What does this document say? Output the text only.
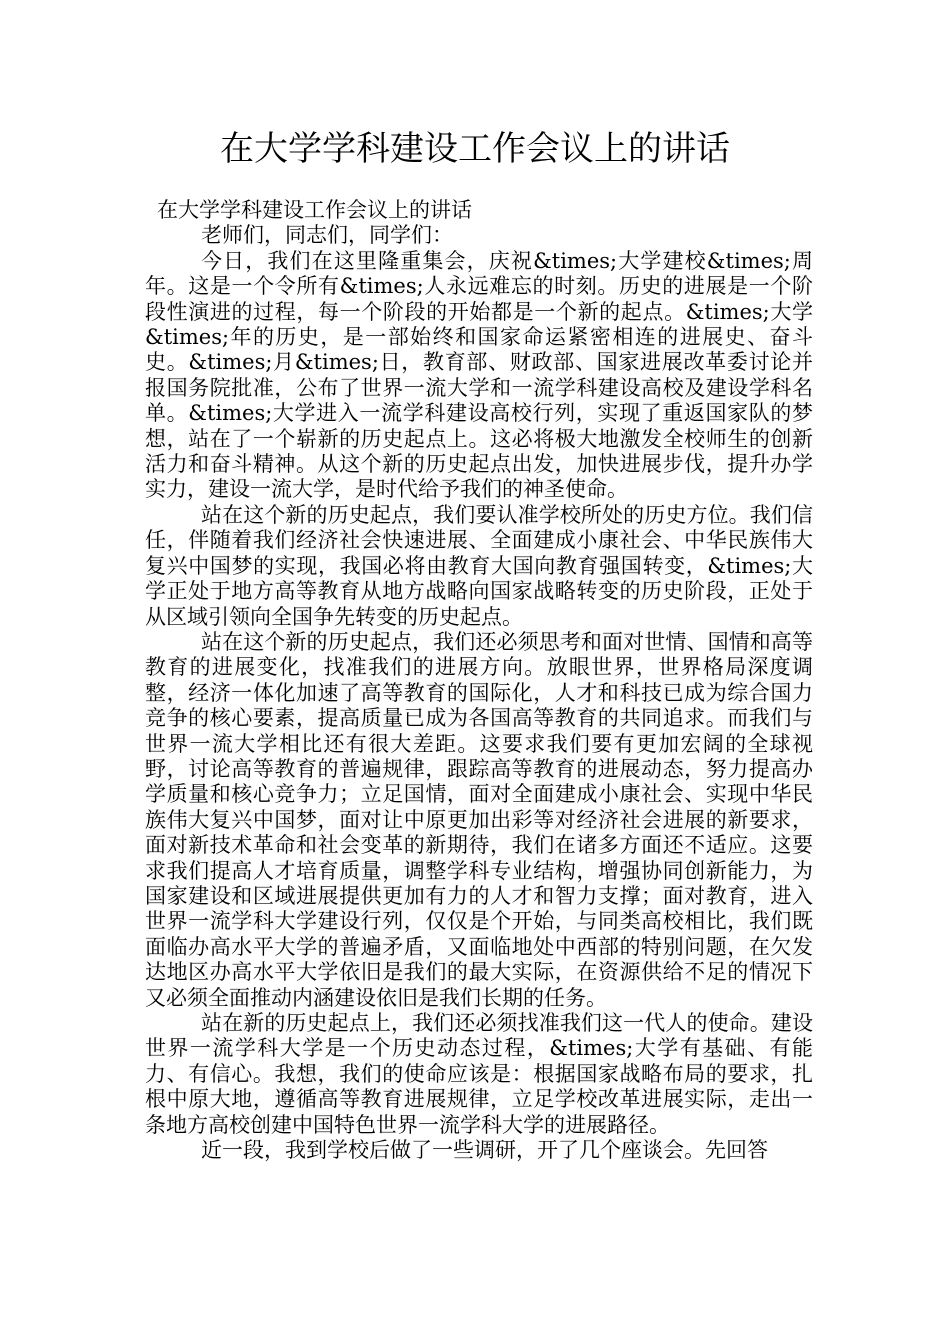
在大学学科建设工作会议上的讲话

在大学学科建设工作会议上的讲话

老师们，同志们，同学们：

今日，我们在这里隆重集会，庆祝&times;大学建校&times;周年。这是一个令所有&times;人永远难忘的时刻。历史的进展是一个阶段性演进的过程，每一个阶段的开始都是一个新的起点。&times;大学&times;年的历史，是一部始终和国家命运紧密相连的进展史、奋斗史。&times;月&times;日，教育部、财政部、国家进展改革委讨论并报国务院批准，公布了世界一流大学和一流学科建设高校及建设学科名单。&times;大学进入一流学科建设高校行列，实现了重返国家队的梦想，站在了一个崭新的历史起点上。这必将极大地激发全校师生的创新活力和奋斗精神。从这个新的历史起点出发，加快进展步伐，提升办学实力，建设一流大学，是时代给予我们的神圣使命。

站在这个新的历史起点，我们要认准学校所处的历史方位。我们信任，伴随着我们经济社会快速进展、全面建成小康社会、中华民族伟大复兴中国梦的实现，我国必将由教育大国向教育强国转变，&times;大学正处于地方高等教育从地方战略向国家战略转变的历史阶段，正处于从区域引领向全国争先转变的历史起点。

站在这个新的历史起点，我们还必须思考和面对世情、国情和高等教育的进展变化，找准我们的进展方向。放眼世界，世界格局深度调整，经济一体化加速了高等教育的国际化，人才和科技已成为综合国力竞争的核心要素，提高质量已成为各国高等教育的共同追求。而我们与世界一流大学相比还有很大差距。这要求我们要有更加宏阔的全球视野，讨论高等教育的普遍规律，跟踪高等教育的进展动态，努力提高办学质量和核心竞争力；立足国情，面对全面建成小康社会、实现中华民族伟大复兴中国梦，面对让中原更加出彩等对经济社会进展的新要求，面对新技术革命和社会变革的新期待，我们在诸多方面还不适应。这要求我们提高人才培育质量，调整学科专业结构，增强协同创新能力，为国家建设和区域进展提供更加有力的人才和智力支撑；面对教育，进入世界一流学科大学建设行列，仅仅是个开始，与同类高校相比，我们既面临办高水平大学的普遍矛盾，又面临地处中西部的特别问题，在欠发达地区办高水平大学依旧是我们的最大实际，在资源供给不足的情况下又必须全面推动内涵建设依旧是我们长期的任务。

站在新的历史起点上，我们还必须找准我们这一代人的使命。建设世界一流学科大学是一个历史动态过程，&times;大学有基础、有能力、有信心。我想，我们的使命应该是：根据国家战略布局的要求，扎根中原大地，遵循高等教育进展规律，立足学校改革进展实际，走出一条地方高校创建中国特色世界一流学科大学的进展路径。

近一段，我到学校后做了一些调研，开了几个座谈会。先回答
